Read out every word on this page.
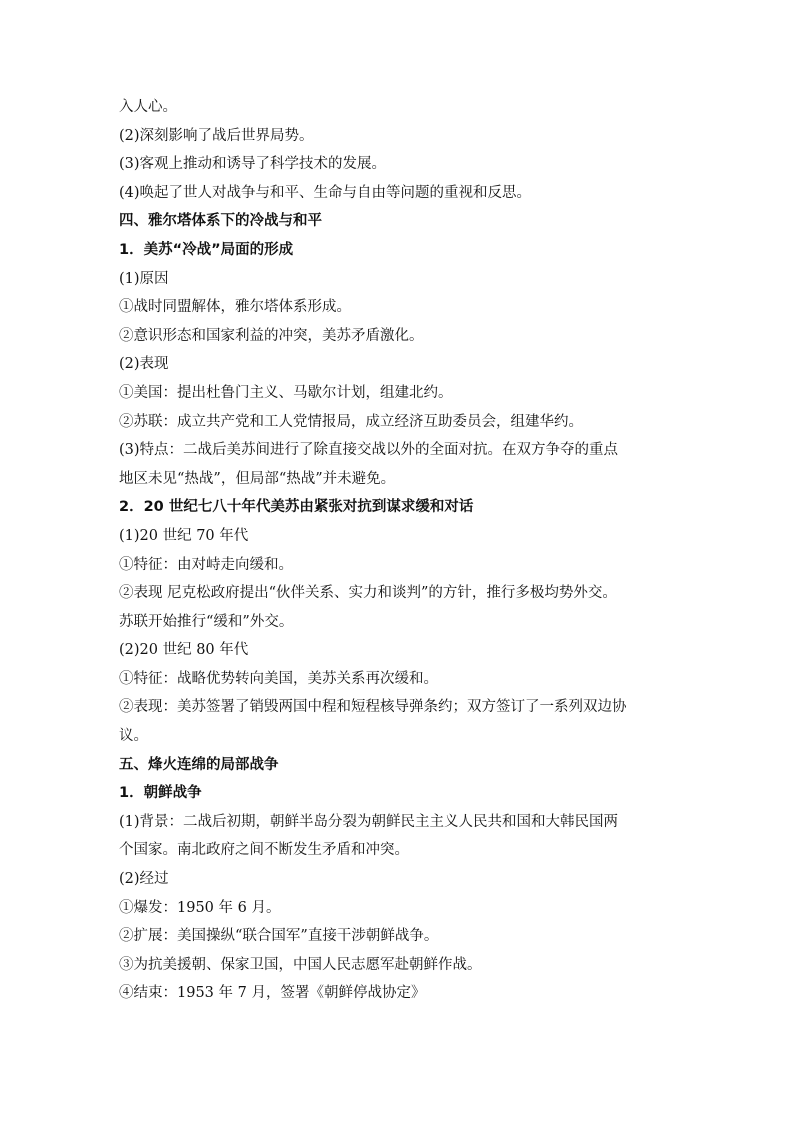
入人心。

(2)深刻影响了战后世界局势。

(3)客观上推动和诱导了科学技术的发展。

(4)唤起了世人对战争与和平、生命与自由等问题的重视和反思。

四、雅尔塔体系下的冷战与和平

1．美苏“冷战”局面的形成

(1)原因

①战时同盟解体，雅尔塔体系形成。

②意识形态和国家利益的冲突，美苏矛盾激化。

(2)表现

①美国：提出杜鲁门主义、马歇尔计划，组建北约。

②苏联：成立共产党和工人党情报局，成立经济互助委员会，组建华约。

(3)特点：二战后美苏间进行了除直接交战以外的全面对抗。在双方争夺的重点

地区未见“热战”，但局部“热战”并未避免。

2．20 世纪七八十年代美苏由紧张对抗到谋求缓和对话

(1)20 世纪 70 年代

①特征：由对峙走向缓和。

②表现 尼克松政府提出“伙伴关系、实力和谈判”的方针，推行多极均势外交。

苏联开始推行“缓和”外交。

(2)20 世纪 80 年代

①特征：战略优势转向美国，美苏关系再次缓和。

②表现：美苏签署了销毁两国中程和短程核导弹条约；双方签订了一系列双边协

议。

五、烽火连绵的局部战争

1．朝鲜战争

(1)背景：二战后初期，朝鲜半岛分裂为朝鲜民主主义人民共和国和大韩民国两

个国家。南北政府之间不断发生矛盾和冲突。

(2)经过

①爆发：1950 年 6 月。

②扩展：美国操纵“联合国军”直接干涉朝鲜战争。

③为抗美援朝、保家卫国，中国人民志愿军赴朝鲜作战。

④结束：1953 年 7 月，签署《朝鲜停战协定》
